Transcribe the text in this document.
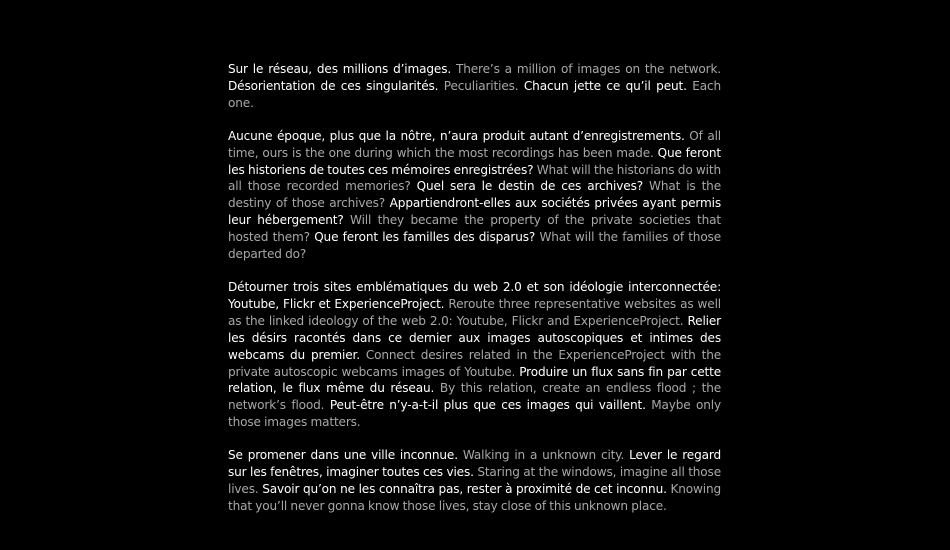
Sur le réseau, des millions d’images. There’s a million of images on the network. Désorientation de ces singularités. Peculiarities. Chacun jette ce qu’il peut. Each one.

Aucune époque, plus que la nôtre, n’aura produit autant d’enregistrements. Of all time, ours is the one during which the most recordings has been made. Que feront les historiens de toutes ces mémoires enregistrées? What will the historians do with all those recorded memories? Quel sera le destin de ces archives? What is the destiny of those archives? Appartiendront-elles aux sociétés privées ayant permis leur hébergement? Will they became the property of the private societies that hosted them? Que feront les familles des disparus? What will the families of those departed do?

Détourner trois sites emblématiques du web 2.0 et son idéologie interconnectée: Youtube, Flickr et ExperienceProject. Reroute three representative websites as well as the linked ideology of the web 2.0: Youtube, Flickr and ExperienceProject. Relier les désirs racontés dans ce dernier aux images autoscopiques et intimes des webcams du premier. Connect desires related in the ExperienceProject with the private autoscopic webcams images of Youtube. Produire un flux sans fin par cette relation, le flux même du réseau. By this relation, create an endless flood ; the network’s flood. Peut-être n’y-a-t-il plus que ces images qui vaillent. Maybe only those images matters.

Se promener dans une ville inconnue. Walking in a unknown city. Lever le regard sur les fenêtres, imaginer toutes ces vies. Staring at the windows, imagine all those lives. Savoir qu’on ne les connaîtra pas, rester à proximité de cet inconnu. Knowing that you’ll never gonna know those lives, stay close of this unknown place.
